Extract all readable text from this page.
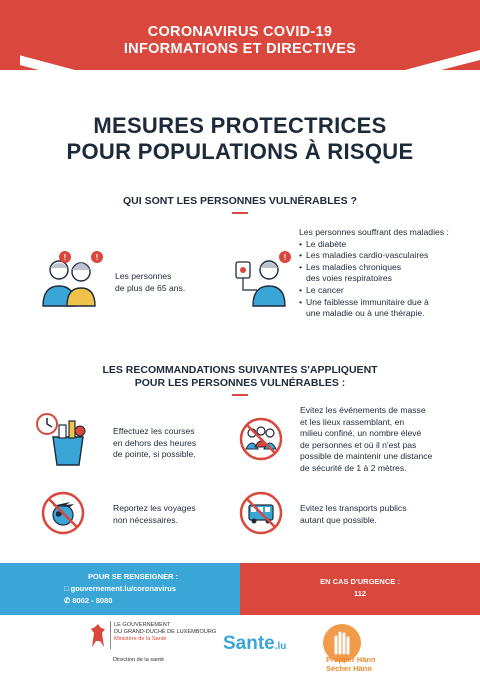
CORONAVIRUS COVID-19
INFORMATIONS ET DIRECTIVES
MESURES PROTECTRICES
POUR POPULATIONS À RISQUE
QUI SONT LES PERSONNES VULNÉRABLES ?
!	!
Les personnes
de plus de 65 ans.
!
Les personnes souffrant des maladies :
• Le diabète
• Les maladies cardio-vasculaires
• Les maladies chroniques
des voies respiratoires
• Le cancer
• Une faiblesse immunitaire due à
une maladie ou à une thérapie.
LES RECOMMANDATIONS SUIVANTES S'APPLIQUENT
POUR LES PERSONNES VULNÉRABLES :
Effectuez les courses
en dehors des heures
de pointe, si possible.
Evitez les événements de masse
et les lieux rassemblant, en
milieu confiné, un nombre élevé
de personnes et où il n'est pas
possible de maintenir une distance
de sécurité de 1 à 2 mètres.
Reportez les voyages
non nécessaires.
Evitez les transports publics
autant que possible.
POUR SE RENSEIGNER :
□ gouvernement.lu/coronavirus
✆ 8002 - 8080
EN CAS D'URGENCE :
112
LE GOUVERNEMENT
DU GRAND-DUCHÉ DE LUXEMBOURG
Ministère de la Santé
Direction de la santé
Sante.lu
Propper Hänn
Sécher Hänn
